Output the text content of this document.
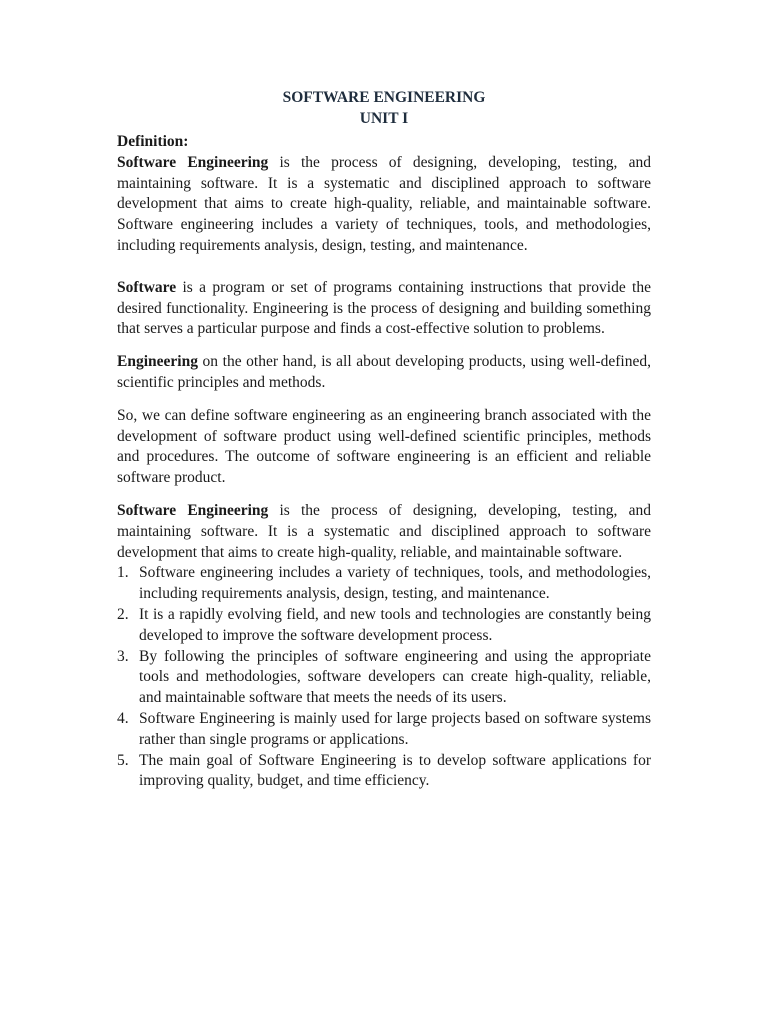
SOFTWARE ENGINEERING
UNIT I
Definition:

Software Engineering is the process of designing, developing, testing, and maintaining software. It is a systematic and disciplined approach to software development that aims to create high-quality, reliable, and maintainable software. Software engineering includes a variety of techniques, tools, and methodologies, including requirements analysis, design, testing, and maintenance.

Software is a program or set of programs containing instructions that provide the desired functionality. Engineering is the process of designing and building something that serves a particular purpose and finds a cost-effective solution to problems.

Engineering on the other hand, is all about developing products, using well-defined, scientific principles and methods.

So, we can define software engineering as an engineering branch associated with the development of software product using well-defined scientific principles, methods and procedures. The outcome of software engineering is an efficient and reliable software product.

Software Engineering is the process of designing, developing, testing, and maintaining software. It is a systematic and disciplined approach to software development that aims to create high-quality, reliable, and maintainable software.

1. Software engineering includes a variety of techniques, tools, and methodologies, including requirements analysis, design, testing, and maintenance.
2. It is a rapidly evolving field, and new tools and technologies are constantly being developed to improve the software development process.
3. By following the principles of software engineering and using the appropriate tools and methodologies, software developers can create high-quality, reliable, and maintainable software that meets the needs of its users.
4. Software Engineering is mainly used for large projects based on software systems rather than single programs or applications.
5. The main goal of Software Engineering is to develop software applications for improving quality, budget, and time efficiency.
